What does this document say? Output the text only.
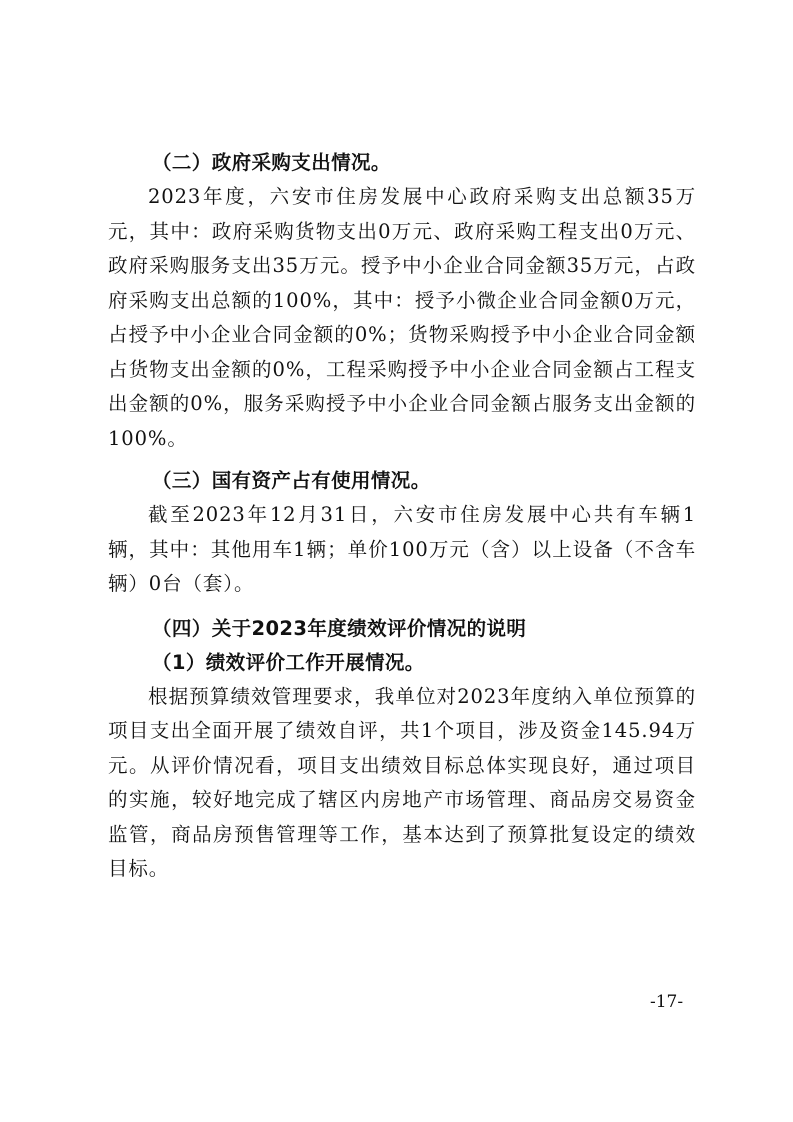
（二）政府采购支出情况。

2023年度，六安市住房发展中心政府采购支出总额35万元，其中：政府采购货物支出0万元、政府采购工程支出0万元、政府采购服务支出35万元。授予中小企业合同金额35万元，占政府采购支出总额的100%，其中：授予小微企业合同金额0万元，占授予中小企业合同金额的0%；货物采购授予中小企业合同金额占货物支出金额的0%，工程采购授予中小企业合同金额占工程支出金额的0%，服务采购授予中小企业合同金额占服务支出金额的100%。

（三）国有资产占有使用情况。

截至2023年12月31日，六安市住房发展中心共有车辆1辆，其中：其他用车1辆；单价100万元（含）以上设备（不含车辆）0台（套）。

（四）关于2023年度绩效评价情况的说明
（1）绩效评价工作开展情况。

根据预算绩效管理要求，我单位对2023年度纳入单位预算的项目支出全面开展了绩效自评，共1个项目，涉及资金145.94万元。从评价情况看，项目支出绩效目标总体实现良好，通过项目的实施，较好地完成了辖区内房地产市场管理、商品房交易资金监管，商品房预售管理等工作，基本达到了预算批复设定的绩效目标。

-17-
